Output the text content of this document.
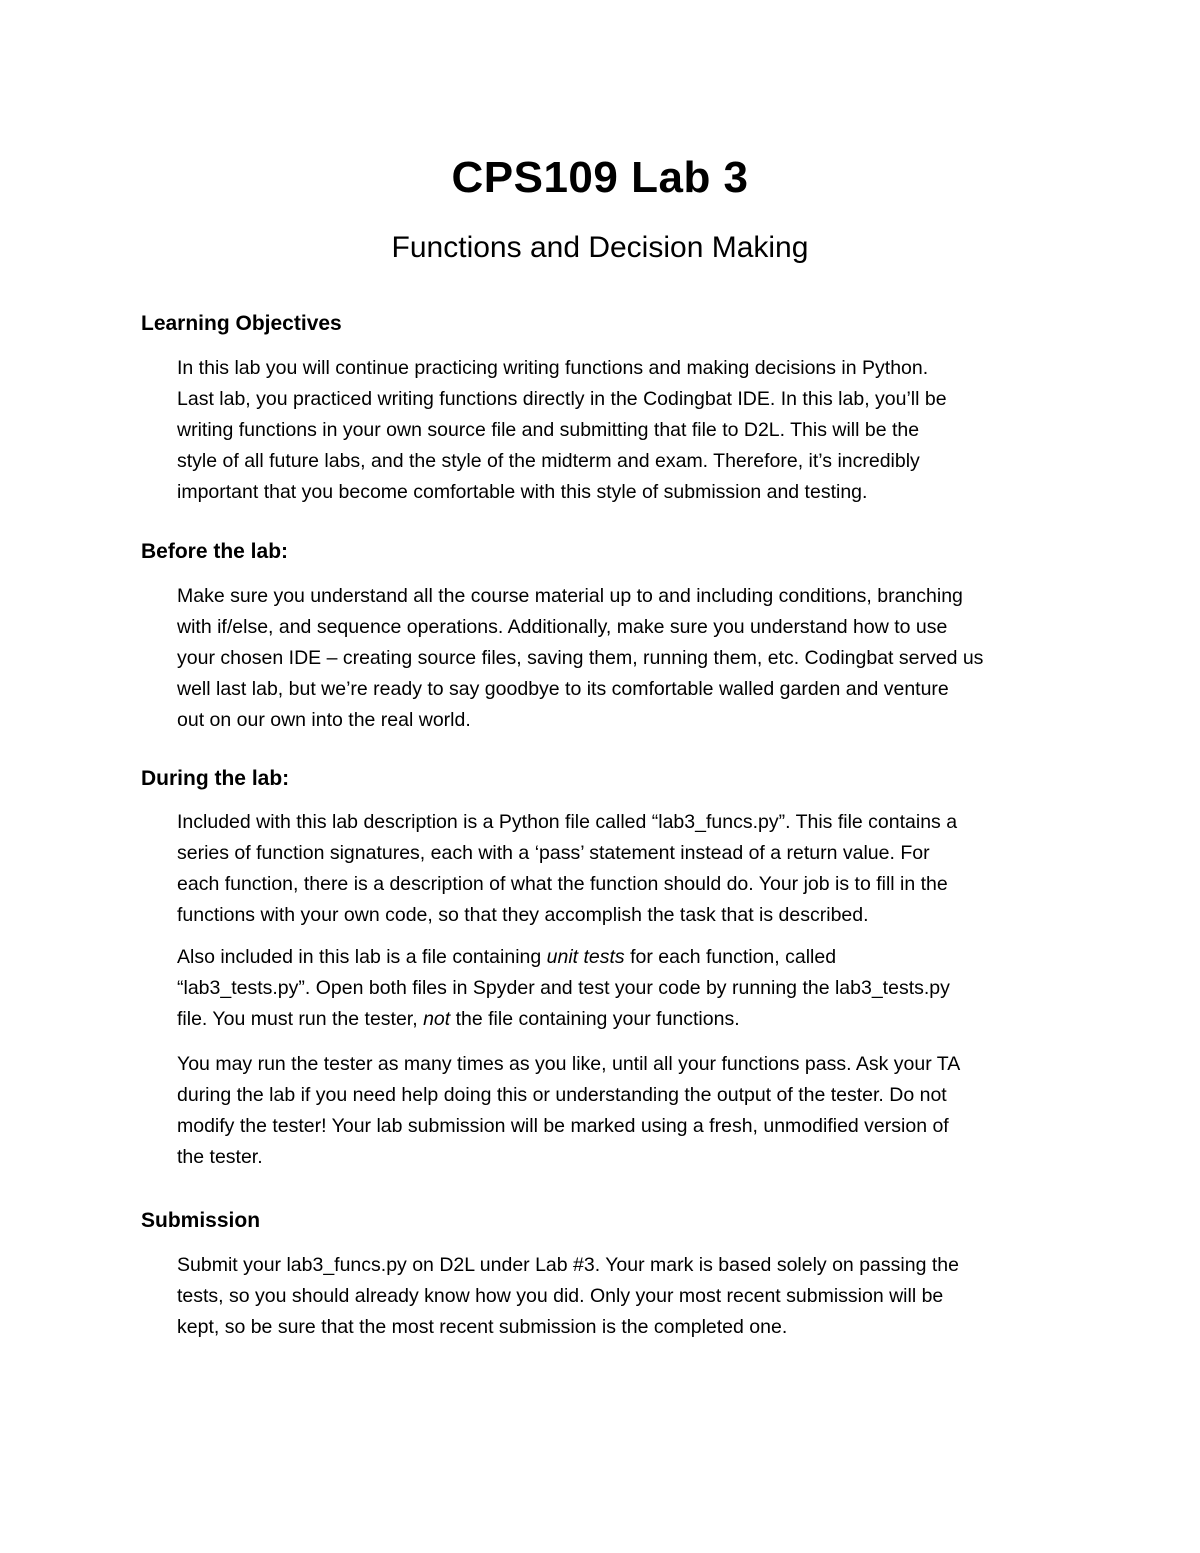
CPS109 Lab 3
Functions and Decision Making
Learning Objectives
In this lab you will continue practicing writing functions and making decisions in Python.
Last lab, you practiced writing functions directly in the Codingbat IDE. In this lab, you’ll be
writing functions in your own source file and submitting that file to D2L. This will be the
style of all future labs, and the style of the midterm and exam. Therefore, it’s incredibly
important that you become comfortable with this style of submission and testing.
Before the lab:
Make sure you understand all the course material up to and including conditions, branching
with if/else, and sequence operations. Additionally, make sure you understand how to use
your chosen IDE – creating source files, saving them, running them, etc. Codingbat served us
well last lab, but we’re ready to say goodbye to its comfortable walled garden and venture
out on our own into the real world.
During the lab:
Included with this lab description is a Python file called “lab3_funcs.py”. This file contains a
series of function signatures, each with a ‘pass’ statement instead of a return value. For
each function, there is a description of what the function should do. Your job is to fill in the
functions with your own code, so that they accomplish the task that is described.
Also included in this lab is a file containing unit tests for each function, called
“lab3_tests.py”. Open both files in Spyder and test your code by running the lab3_tests.py
file. You must run the tester, not the file containing your functions.
You may run the tester as many times as you like, until all your functions pass. Ask your TA
during the lab if you need help doing this or understanding the output of the tester. Do not
modify the tester! Your lab submission will be marked using a fresh, unmodified version of
the tester.
Submission
Submit your lab3_funcs.py on D2L under Lab #3. Your mark is based solely on passing the
tests, so you should already know how you did. Only your most recent submission will be
kept, so be sure that the most recent submission is the completed one.
